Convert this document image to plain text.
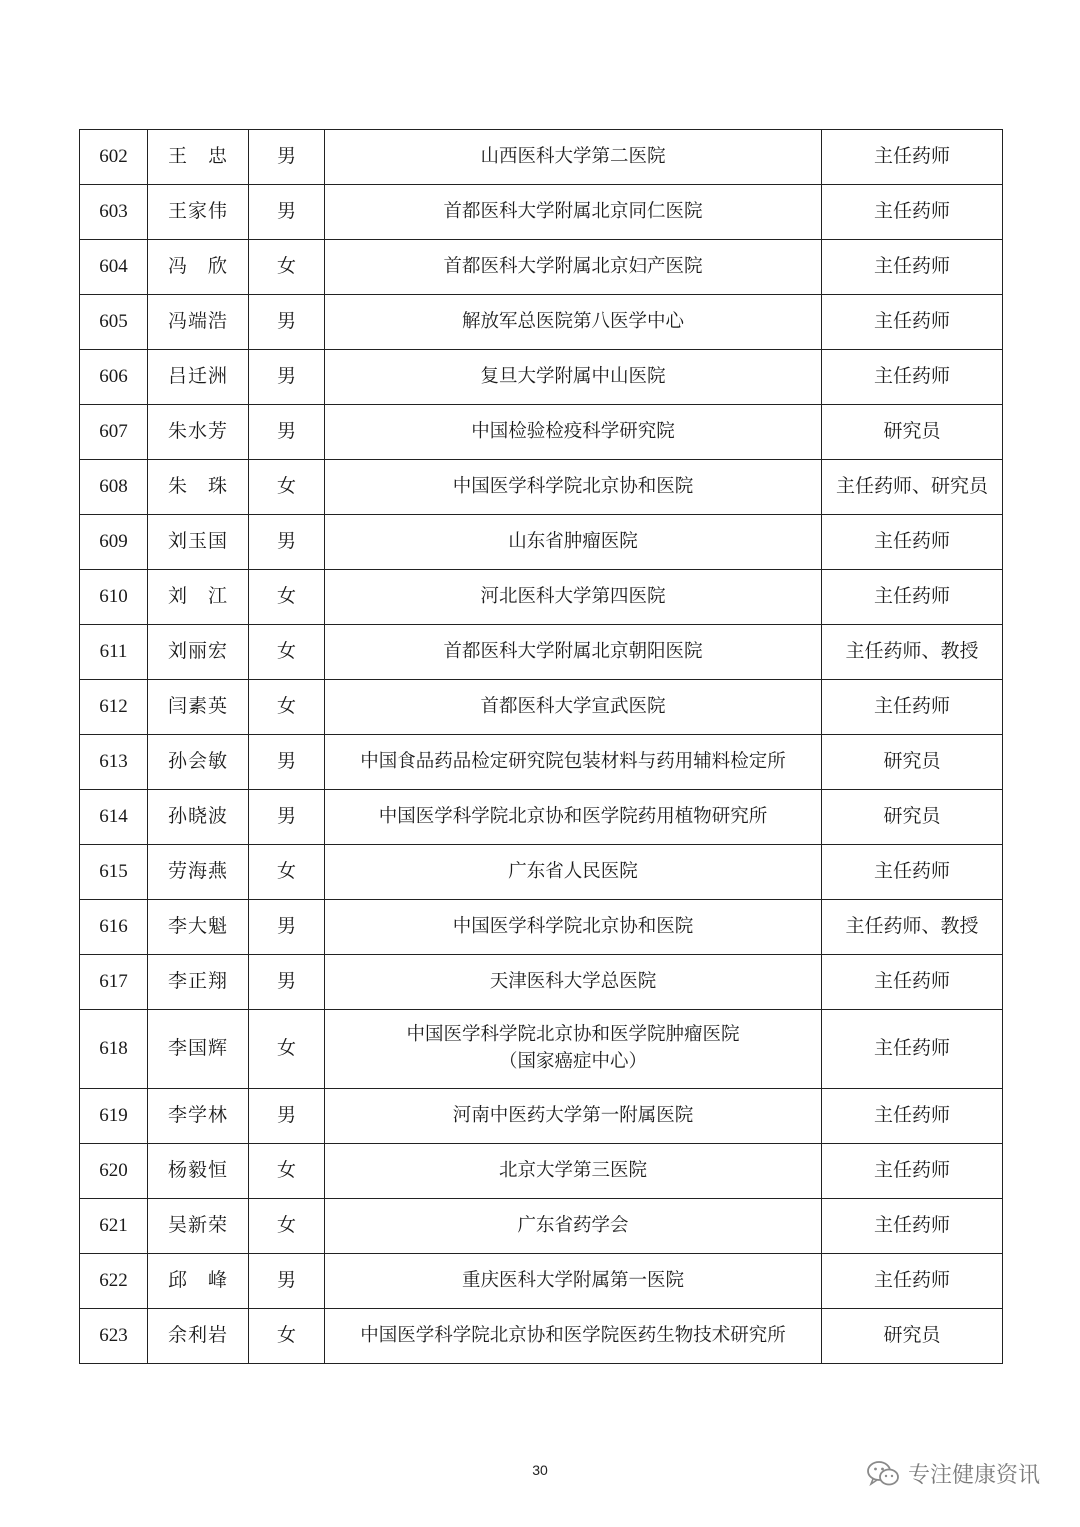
602	王　忠	男	山西医科大学第二医院	主任药师
603	王家伟	男	首都医科大学附属北京同仁医院	主任药师
604	冯　欣	女	首都医科大学附属北京妇产医院	主任药师
605	冯端浩	男	解放军总医院第八医学中心	主任药师
606	吕迁洲	男	复旦大学附属中山医院	主任药师
607	朱水芳	男	中国检验检疫科学研究院	研究员
608	朱　珠	女	中国医学科学院北京协和医院	主任药师、研究员
609	刘玉国	男	山东省肿瘤医院	主任药师
610	刘　江	女	河北医科大学第四医院	主任药师
611	刘丽宏	女	首都医科大学附属北京朝阳医院	主任药师、教授
612	闫素英	女	首都医科大学宣武医院	主任药师
613	孙会敏	男	中国食品药品检定研究院包装材料与药用辅料检定所	研究员
614	孙晓波	男	中国医学科学院北京协和医学院药用植物研究所	研究员
615	劳海燕	女	广东省人民医院	主任药师
616	李大魁	男	中国医学科学院北京协和医院	主任药师、教授
617	李正翔	男	天津医科大学总医院	主任药师
618	李国辉	女	中国医学科学院北京协和医学院肿瘤医院
（国家癌症中心）	主任药师
619	李学林	男	河南中医药大学第一附属医院	主任药师
620	杨毅恒	女	北京大学第三医院	主任药师
621	吴新荣	女	广东省药学会	主任药师
622	邱　峰	男	重庆医科大学附属第一医院	主任药师
623	余利岩	女	中国医学科学院北京协和医学院医药生物技术研究所	研究员
30	专注健康资讯
